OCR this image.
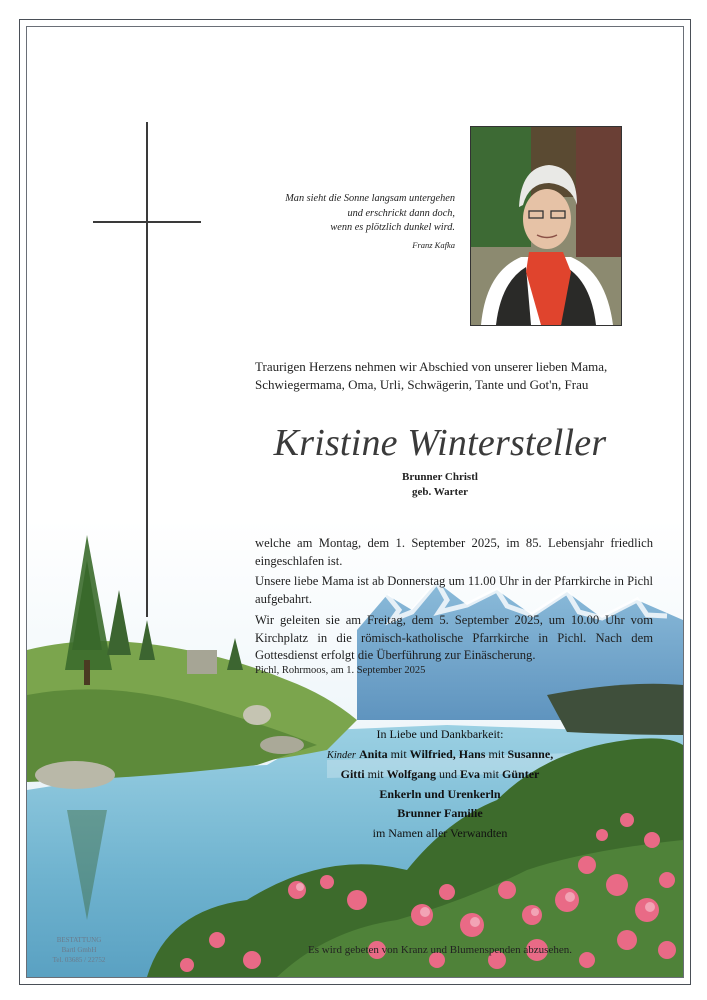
Man sieht die Sonne langsam untergehen
und erschrickt dann doch,
wenn es plötzlich dunkel wird.
Franz Kafka
Traurigen Herzens nehmen wir Abschied von unserer lieben Mama,
Schwiegermama, Oma, Urli, Schwägerin, Tante und Got'n, Frau
Kristine Wintersteller
Brunner Christl
geb. Warter
welche am Montag, dem 1. September 2025, im 85. Lebensjahr friedlich eingeschlafen ist.
Unsere liebe Mama ist ab Donnerstag um 11.00 Uhr in der Pfarrkirche in Pichl aufgebahrt.
Wir geleiten sie am Freitag, dem 5. September 2025, um 10.00 Uhr vom Kirchplatz in die römisch-katholische Pfarrkirche in Pichl. Nach dem Gottesdienst erfolgt die Überführung zur Einäscherung.
Pichl, Rohrmoos, am 1. September 2025
In Liebe und Dankbarkeit:
Kinder Anita mit Wilfried, Hans mit Susanne,
Gitti mit Wolfgang und Eva mit Günter
Enkerln und Urenkerln
Brunner Familie
im Namen aller Verwandten
Es wird gebeten von Kranz und Blumenspenden abzusehen.
BESTATTUNG
Bartl GmbH
Tel. 03685 / 22752
